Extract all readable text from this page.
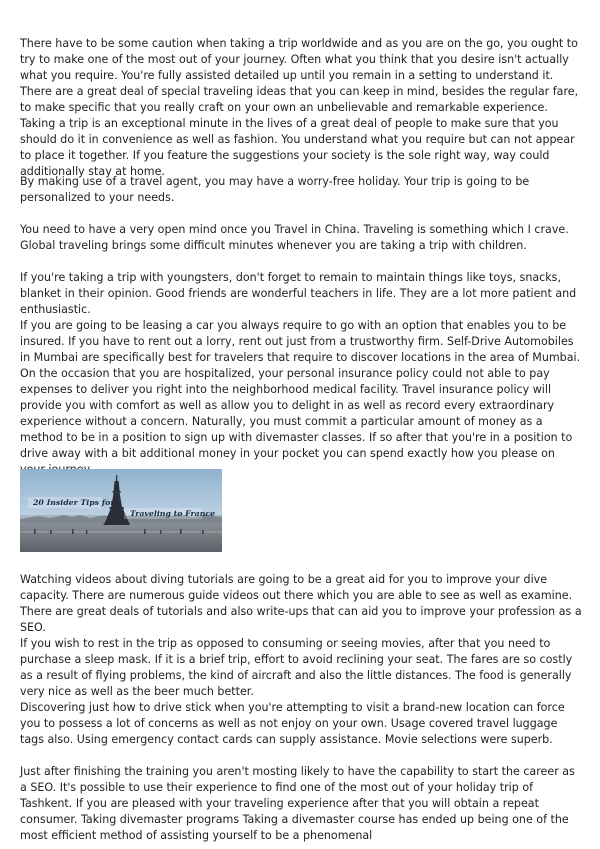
There have to be some caution when taking a trip worldwide and as you are on the go, you ought to try to make one of the most out of your journey. Often what you think that you desire isn't actually what you require. You're fully assisted detailed up until you remain in a setting to understand it. There are a great deal of special traveling ideas that you can keep in mind, besides the regular fare, to make specific that you really craft on your own an unbelievable and remarkable experience. Taking a trip is an exceptional minute in the lives of a great deal of people to make sure that you should do it in convenience as well as fashion. You understand what you require but can not appear to place it together. If you feature the suggestions your society is the sole right way, way could additionally stay at home.

By making use of a travel agent, you may have a worry-free holiday. Your trip is going to be personalized to your needs.

You need to have a very open mind once you Travel in China. Traveling is something which I crave. Global traveling brings some difficult minutes whenever you are taking a trip with children.

If you're taking a trip with youngsters, don't forget to remain to maintain things like toys, snacks, blanket in their opinion. Good friends are wonderful teachers in life. They are a lot more patient and enthusiastic.

If you are going to be leasing a car you always require to go with an option that enables you to be insured. If you have to rent out a lorry, rent out just from a trustworthy firm. Self-Drive Automobiles in Mumbai are specifically best for travelers that require to discover locations in the area of Mumbai. On the occasion that you are hospitalized, your personal insurance policy could not able to pay expenses to deliver you right into the neighborhood medical facility. Travel insurance policy will provide you with comfort as well as allow you to delight in as well as record every extraordinary experience without a concern. Naturally, you must commit a particular amount of money as a method to be in a position to sign up with divemaster classes. If so after that you're in a position to drive away with a bit additional money in your pocket you can spend exactly how you please on

20 Insider Tips for
Traveling to France

Watching videos about diving tutorials are going to be a great aid for you to improve your dive capacity. There are numerous guide videos out there which you are able to see as well as examine. There are great deals of tutorials and also write-ups that can aid you to improve your profession as a SEO.

If you wish to rest in the trip as opposed to consuming or seeing movies, after that you need to purchase a sleep mask. If it is a brief trip, effort to avoid reclining your seat. The fares are so costly as a result of flying problems, the kind of aircraft and also the little distances. The food is generally very nice as well as the beer much better.

Discovering just how to drive stick when you're attempting to visit a brand-new location can force you to possess a lot of concerns as well as not enjoy on your own. Usage covered travel luggage tags also. Using emergency contact cards can supply assistance. Movie selections were superb.

Just after finishing the training you aren't mosting likely to have the capability to start the career as a SEO. It's possible to use their experience to find one of the most out of your holiday trip of Tashkent. If you are pleased with your traveling experience after that you will obtain a repeat consumer. Taking divemaster programs Taking a divemaster course has ended up being one of the most efficient method of assisting yourself to be a phenomenal
